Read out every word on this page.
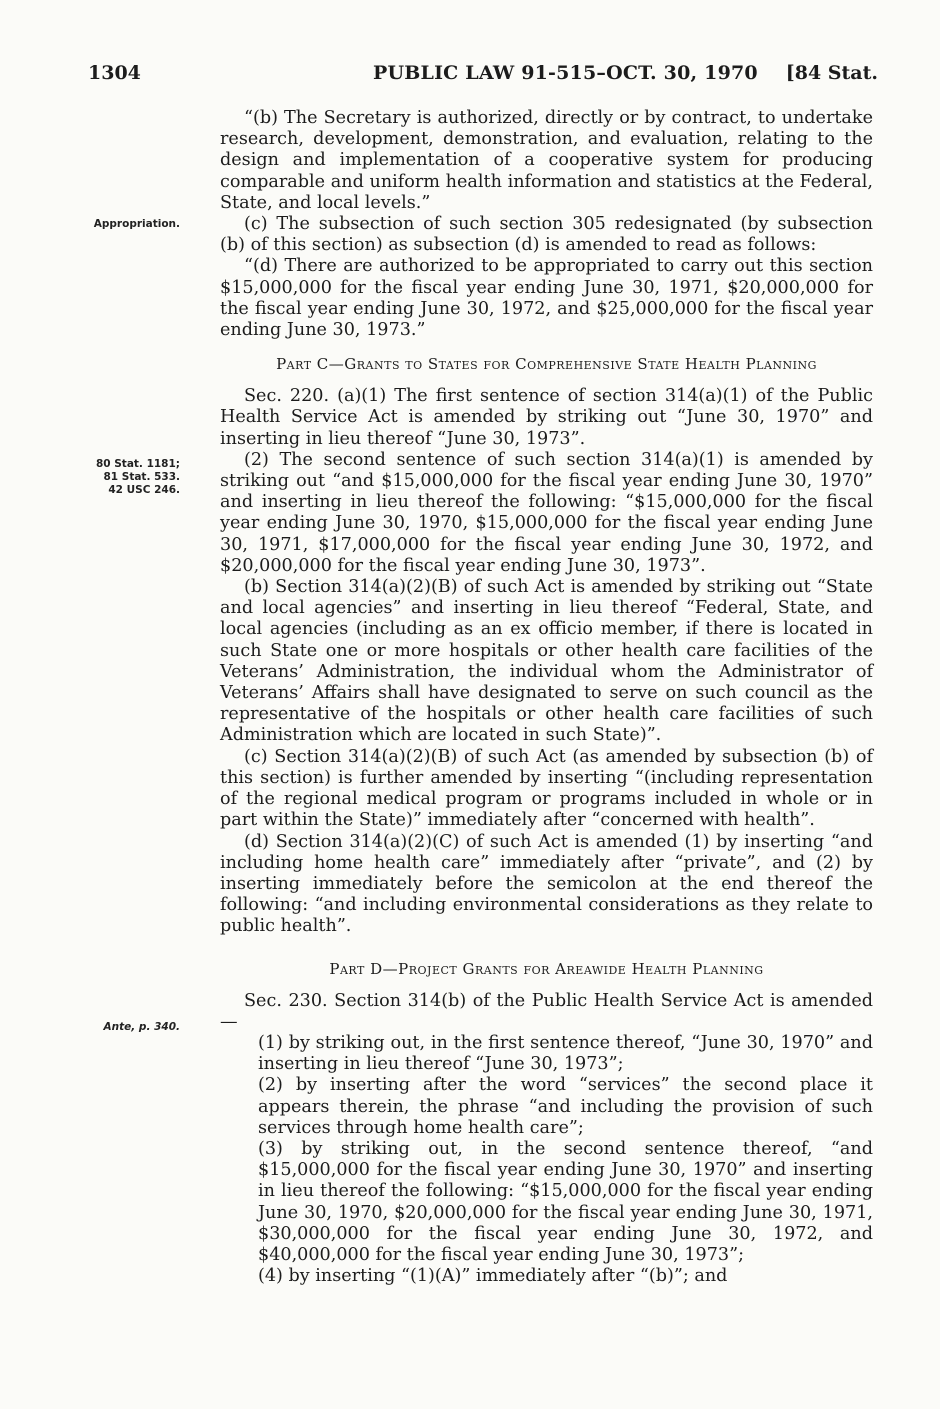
1304	PUBLIC LAW 91-515–OCT. 30, 1970 [84 Stat.
Appropriation.
80 Stat. 1181;
81 Stat. 533.
42 USC 246.
Ante, p. 340.

“(b) The Secretary is authorized, directly or by contract, to undertake research, development, demonstration, and evaluation, relating to the design and implementation of a cooperative system for producing comparable and uniform health information and statistics at the Federal, State, and local levels.”

(c) The subsection of such section 305 redesignated (by subsection (b) of this section) as subsection (d) is amended to read as follows:

“(d) There are authorized to be appropriated to carry out this section $15,000,000 for the fiscal year ending June 30, 1971, $20,000,000 for the fiscal year ending June 30, 1972, and $25,000,000 for the fiscal year ending June 30, 1973.”

Part C—Grants to States for Comprehensive State Health Planning

Sec. 220. (a)(1) The first sentence of section 314(a)(1) of the Public Health Service Act is amended by striking out “June 30, 1970” and inserting in lieu thereof “June 30, 1973”.

(2) The second sentence of such section 314(a)(1) is amended by striking out “and $15,000,000 for the fiscal year ending June 30, 1970” and inserting in lieu thereof the following: “$15,000,000 for the fiscal year ending June 30, 1970, $15,000,000 for the fiscal year ending June 30, 1971, $17,000,000 for the fiscal year ending June 30, 1972, and $20,000,000 for the fiscal year ending June 30, 1973”.

(b) Section 314(a)(2)(B) of such Act is amended by striking out “State and local agencies” and inserting in lieu thereof “Federal, State, and local agencies (including as an ex officio member, if there is located in such State one or more hospitals or other health care facilities of the Veterans’ Administration, the individual whom the Administrator of Veterans’ Affairs shall have designated to serve on such council as the representative of the hospitals or other health care facilities of such Administration which are located in such State)”.

(c) Section 314(a)(2)(B) of such Act (as amended by subsection (b) of this section) is further amended by inserting “(including representation of the regional medical program or programs included in whole or in part within the State)” immediately after “concerned with health”.

(d) Section 314(a)(2)(C) of such Act is amended (1) by inserting “and including home health care” immediately after “private”, and (2) by inserting immediately before the semicolon at the end thereof the following: “and including environmental considerations as they relate to public health”.

Part D—Project Grants for Areawide Health Planning

Sec. 230. Section 314(b) of the Public Health Service Act is amended—

(1) by striking out, in the first sentence thereof, “June 30, 1970” and inserting in lieu thereof “June 30, 1973”;

(2) by inserting after the word “services” the second place it appears therein, the phrase “and including the provision of such services through home health care”;

(3) by striking out, in the second sentence thereof, “and $15,000,000 for the fiscal year ending June 30, 1970” and inserting in lieu thereof the following: “$15,000,000 for the fiscal year ending June 30, 1970, $20,000,000 for the fiscal year ending June 30, 1971, $30,000,000 for the fiscal year ending June 30, 1972, and $40,000,000 for the fiscal year ending June 30, 1973”;

(4) by inserting “(1)(A)” immediately after “(b)”; and
